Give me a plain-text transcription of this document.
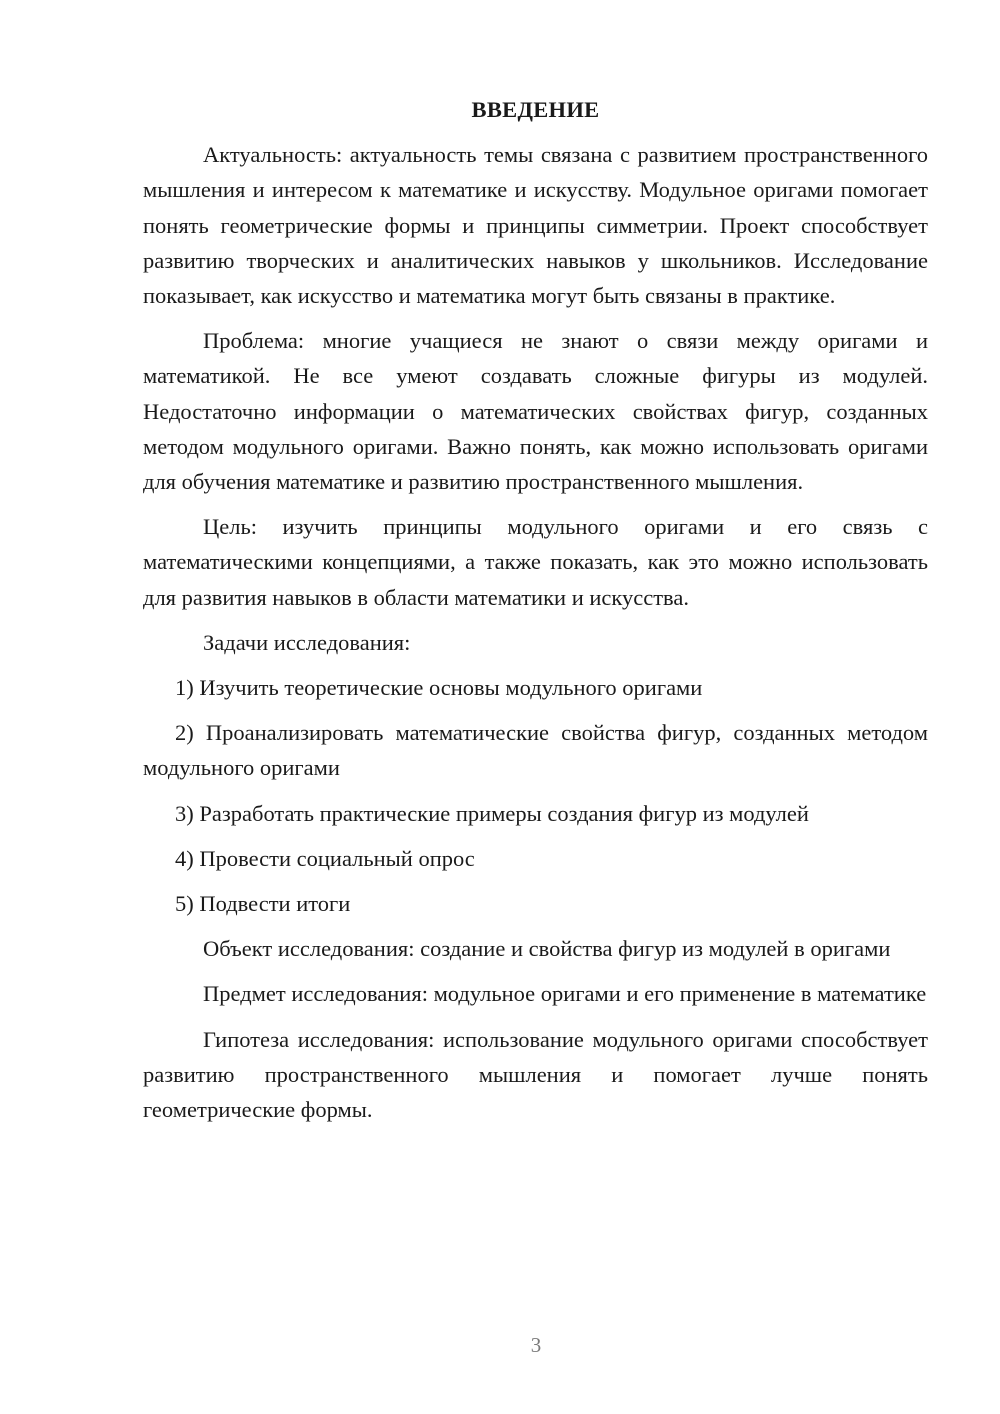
ВВЕДЕНИЕ

Актуальность: актуальность темы связана с развитием пространственного мышления и интересом к математике и искусству. Модульное оригами помогает понять геометрические формы и принципы симметрии. Проект способствует развитию творческих и аналитических навыков у школьников. Исследование показывает, как искусство и математика могут быть связаны в практике.

Проблема: многие учащиеся не знают о связи между оригами и математикой. Не все умеют создавать сложные фигуры из модулей. Недостаточно информации о математических свойствах фигур, созданных методом модульного оригами. Важно понять, как можно использовать оригами для обучения математике и развитию пространственного мышления.

Цель: изучить принципы модульного оригами и его связь с математическими концепциями, а также показать, как это можно использовать для развития навыков в области математики и искусства.

Задачи исследования:

1) Изучить теоретические основы модульного оригами

2) Проанализировать математические свойства фигур, созданных методом модульного оригами

3) Разработать практические примеры создания фигур из модулей

4) Провести социальный опрос

5) Подвести итоги

Объект исследования: создание и свойства фигур из модулей в оригами

Предмет исследования: модульное оригами и его применение в математике

Гипотеза исследования: использование модульного оригами способствует развитию пространственного мышления и помогает лучше понять геометрические формы.

3
